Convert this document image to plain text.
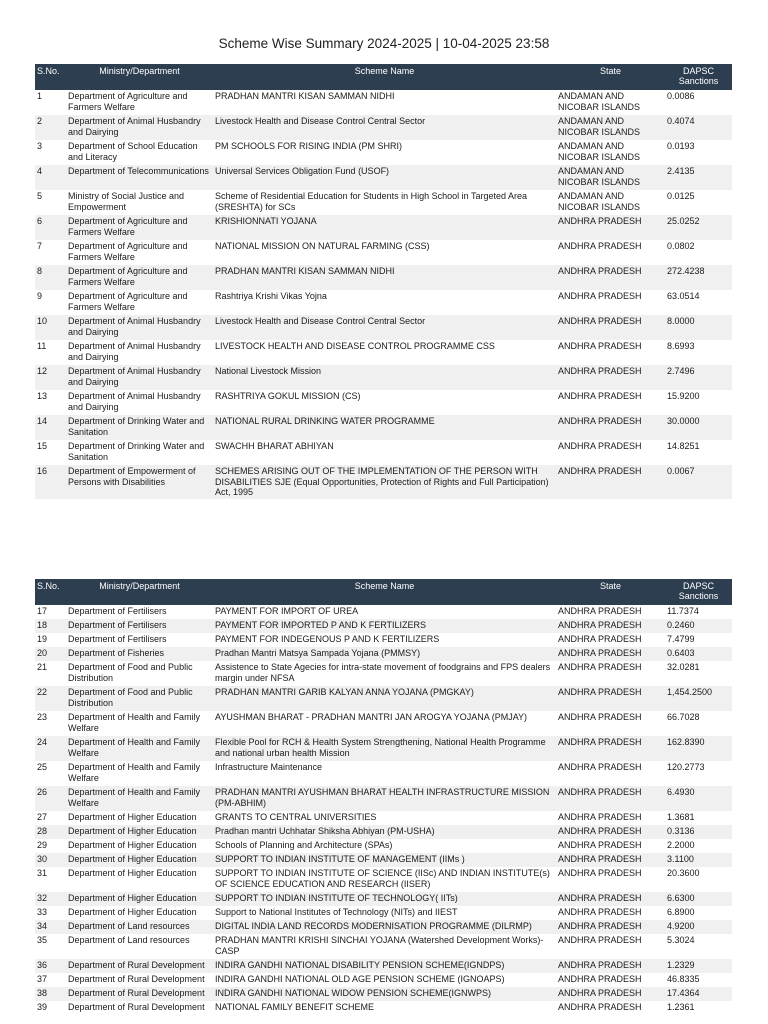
Scheme Wise Summary 2024-2025 | 10-04-2025 23:58
S.No.	Ministry/Department	Scheme Name	State	DAPSC Sanctions
1	Department of Agriculture and Farmers Welfare	PRADHAN MANTRI KISAN SAMMAN NIDHI	ANDAMAN AND NICOBAR ISLANDS	0.0086
2	Department of Animal Husbandry and Dairying	Livestock Health and Disease Control Central Sector	ANDAMAN AND NICOBAR ISLANDS	0.4074
3	Department of School Education and Literacy	PM SCHOOLS FOR RISING INDIA (PM SHRI)	ANDAMAN AND NICOBAR ISLANDS	0.0193
4	Department of Telecommunications	Universal Services Obligation Fund (USOF)	ANDAMAN AND NICOBAR ISLANDS	2.4135
5	Ministry of Social Justice and Empowerment	Scheme of Residential Education for Students in High School in Targeted Area (SRESHTA) for SCs	ANDAMAN AND NICOBAR ISLANDS	0.0125
6	Department of Agriculture and Farmers Welfare	KRISHIONNATI YOJANA	ANDHRA PRADESH	25.0252
7	Department of Agriculture and Farmers Welfare	NATIONAL MISSION ON NATURAL FARMING (CSS)	ANDHRA PRADESH	0.0802
8	Department of Agriculture and Farmers Welfare	PRADHAN MANTRI KISAN SAMMAN NIDHI	ANDHRA PRADESH	272.4238
9	Department of Agriculture and Farmers Welfare	Rashtriya Krishi Vikas Yojna	ANDHRA PRADESH	63.0514
10	Department of Animal Husbandry and Dairying	Livestock Health and Disease Control Central Sector	ANDHRA PRADESH	8.0000
11	Department of Animal Husbandry and Dairying	LIVESTOCK HEALTH AND DISEASE CONTROL PROGRAMME CSS	ANDHRA PRADESH	8.6993
12	Department of Animal Husbandry and Dairying	National Livestock Mission	ANDHRA PRADESH	2.7496
13	Department of Animal Husbandry and Dairying	RASHTRIYA GOKUL MISSION (CS)	ANDHRA PRADESH	15.9200
14	Department of Drinking Water and Sanitation	NATIONAL RURAL DRINKING WATER PROGRAMME	ANDHRA PRADESH	30.0000
15	Department of Drinking Water and Sanitation	SWACHH BHARAT ABHIYAN	ANDHRA PRADESH	14.8251
16	Department of Empowerment of Persons with Disabilities	SCHEMES ARISING OUT OF THE IMPLEMENTATION OF THE PERSON WITH DISABILITIES SJE (Equal Opportunities, Protection of Rights and Full Participation) Act, 1995	ANDHRA PRADESH	0.0067
S.No.	Ministry/Department	Scheme Name	State	DAPSC Sanctions
17	Department of Fertilisers	PAYMENT FOR IMPORT OF UREA	ANDHRA PRADESH	11.7374
18	Department of Fertilisers	PAYMENT FOR IMPORTED P AND K FERTILIZERS	ANDHRA PRADESH	0.2460
19	Department of Fertilisers	PAYMENT FOR INDEGENOUS P AND K FERTILIZERS	ANDHRA PRADESH	7.4799
20	Department of Fisheries	Pradhan Mantri Matsya Sampada Yojana (PMMSY)	ANDHRA PRADESH	0.6403
21	Department of Food and Public Distribution	Assistence to State Agecies for intra-state movement of foodgrains and FPS dealers margin under NFSA	ANDHRA PRADESH	32.0281
22	Department of Food and Public Distribution	PRADHAN MANTRI GARIB KALYAN ANNA YOJANA (PMGKAY)	ANDHRA PRADESH	1,454.2500
23	Department of Health and Family Welfare	AYUSHMAN BHARAT - PRADHAN MANTRI JAN AROGYA YOJANA (PMJAY)	ANDHRA PRADESH	66.7028
24	Department of Health and Family Welfare	Flexible Pool for RCH & Health System Strengthening, National Health Programme and national urban health Mission	ANDHRA PRADESH	162.8390
25	Department of Health and Family Welfare	Infrastructure Maintenance	ANDHRA PRADESH	120.2773
26	Department of Health and Family Welfare	PRADHAN MANTRI AYUSHMAN BHARAT HEALTH INFRASTRUCTURE MISSION (PM-ABHIM)	ANDHRA PRADESH	6.4930
27	Department of Higher Education	GRANTS TO CENTRAL UNIVERSITIES	ANDHRA PRADESH	1.3681
28	Department of Higher Education	Pradhan mantri Uchhatar Shiksha Abhiyan (PM-USHA)	ANDHRA PRADESH	0.3136
29	Department of Higher Education	Schools of Planning and Architecture (SPAs)	ANDHRA PRADESH	2.2000
30	Department of Higher Education	SUPPORT TO INDIAN INSTITUTE OF MANAGEMENT (IIMs )	ANDHRA PRADESH	3.1100
31	Department of Higher Education	SUPPORT TO INDIAN INSTITUTE OF SCIENCE (IISc) AND INDIAN INSTITUTE(s) OF SCIENCE EDUCATION AND RESEARCH (IISER)	ANDHRA PRADESH	20.3600
32	Department of Higher Education	SUPPORT TO INDIAN INSTITUTE OF TECHNOLOGY( IITs)	ANDHRA PRADESH	6.6300
33	Department of Higher Education	Support to National Institutes of Technology (NITs) and IIEST	ANDHRA PRADESH	6.8900
34	Department of Land resources	DIGITAL INDIA LAND RECORDS MODERNISATION PROGRAMME (DILRMP)	ANDHRA PRADESH	4.9200
35	Department of Land resources	PRADHAN MANTRI KRISHI SINCHAI YOJANA (Watershed Development Works)-CASP	ANDHRA PRADESH	5.3024
36	Department of Rural Development	INDIRA GANDHI NATIONAL DISABILITY PENSION SCHEME(IGNDPS)	ANDHRA PRADESH	1.2329
37	Department of Rural Development	INDIRA GANDHI NATIONAL OLD AGE PENSION SCHEME (IGNOAPS)	ANDHRA PRADESH	46.8335
38	Department of Rural Development	INDIRA GANDHI NATIONAL WIDOW PENSION SCHEME(IGNWPS)	ANDHRA PRADESH	17.4364
39	Department of Rural Development	NATIONAL FAMILY BENEFIT SCHEME	ANDHRA PRADESH	1.2361
